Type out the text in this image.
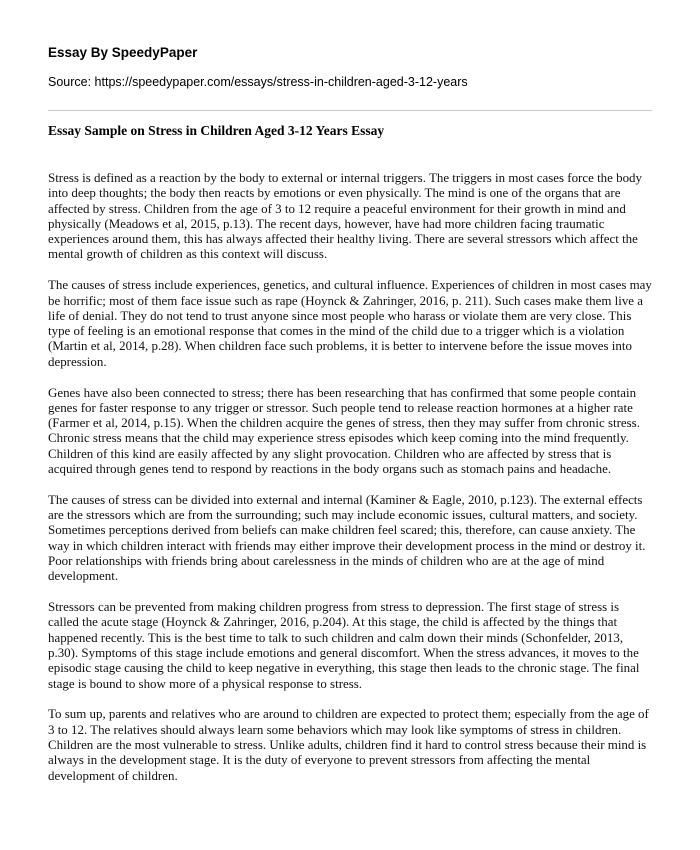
Essay By SpeedyPaper
Source: https://speedypaper.com/essays/stress-in-children-aged-3-12-years
Essay Sample on Stress in Children Aged 3-12 Years Essay

Stress is defined as a reaction by the body to external or internal triggers. The triggers in most cases force the body into deep thoughts; the body then reacts by emotions or even physically. The mind is one of the organs that are affected by stress. Children from the age of 3 to 12 require a peaceful environment for their growth in mind and physically (Meadows et al, 2015, p.13). The recent days, however, have had more children facing traumatic experiences around them, this has always affected their healthy living. There are several stressors which affect the mental growth of children as this context will discuss.

The causes of stress include experiences, genetics, and cultural influence. Experiences of children in most cases may be horrific; most of them face issue such as rape (Hoynck & Zahringer, 2016, p. 211). Such cases make them live a life of denial. They do not tend to trust anyone since most people who harass or violate them are very close. This type of feeling is an emotional response that comes in the mind of the child due to a trigger which is a violation (Martin et al, 2014, p.28). When children face such problems, it is better to intervene before the issue moves into depression.

Genes have also been connected to stress; there has been researching that has confirmed that some people contain genes for faster response to any trigger or stressor. Such people tend to release reaction hormones at a higher rate (Farmer et al, 2014, p.15). When the children acquire the genes of stress, then they may suffer from chronic stress. Chronic stress means that the child may experience stress episodes which keep coming into the mind frequently. Children of this kind are easily affected by any slight provocation. Children who are affected by stress that is acquired through genes tend to respond by reactions in the body organs such as stomach pains and headache.

The causes of stress can be divided into external and internal (Kaminer & Eagle, 2010, p.123). The external effects are the stressors which are from the surrounding; such may include economic issues, cultural matters, and society. Sometimes perceptions derived from beliefs can make children feel scared; this, therefore, can cause anxiety. The way in which children interact with friends may either improve their development process in the mind or destroy it. Poor relationships with friends bring about carelessness in the minds of children who are at the age of mind development.

Stressors can be prevented from making children progress from stress to depression. The first stage of stress is called the acute stage (Hoynck & Zahringer, 2016, p.204). At this stage, the child is affected by the things that happened recently. This is the best time to talk to such children and calm down their minds (Schonfelder, 2013, p.30). Symptoms of this stage include emotions and general discomfort. When the stress advances, it moves to the episodic stage causing the child to keep negative in everything, this stage then leads to the chronic stage. The final stage is bound to show more of a physical response to stress.

To sum up, parents and relatives who are around to children are expected to protect them; especially from the age of 3 to 12. The relatives should always learn some behaviors which may look like symptoms of stress in children. Children are the most vulnerable to stress. Unlike adults, children find it hard to control stress because their mind is always in the development stage. It is the duty of everyone to prevent stressors from affecting the mental development of children.
